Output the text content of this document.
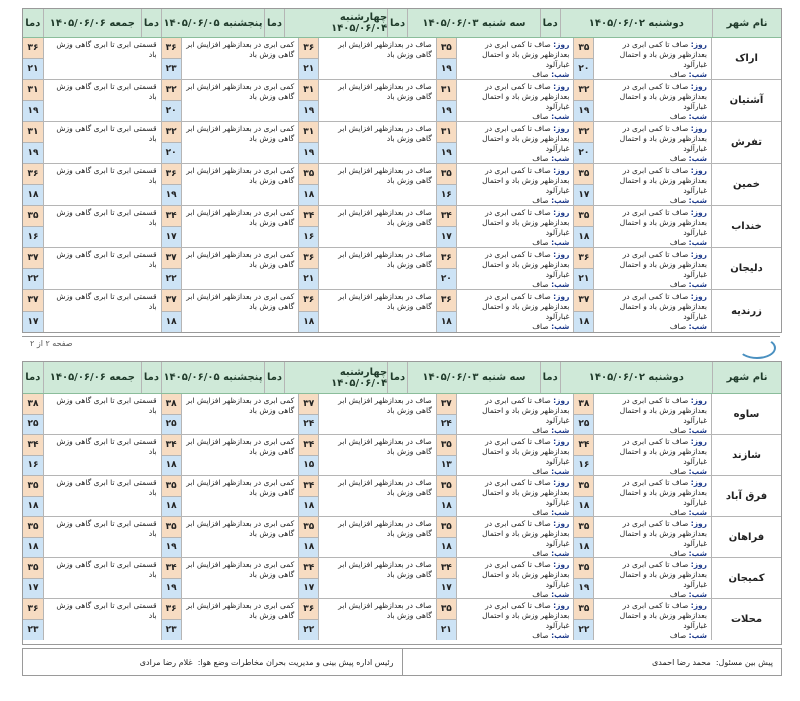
نام شهر
دوشنبه ۱۴۰۵/۰۶/۰۲
دما
سه شنبه ۱۴۰۵/۰۶/۰۳
دما
چهارشنبه ۱۴۰۵/۰۶/۰۴
دما
پنجشنبه ۱۴۰۵/۰۶/۰۵
دما
جمعه ۱۴۰۵/۰۶/۰۶
دما
اراک
روز: صاف تا کمی ابری در بعدازظهر وزش باد و احتمال غبارآلود
شب: صاف
۳۵
۲۰
روز: صاف تا کمی ابری در بعدازظهر وزش باد و احتمال غبارآلود
شب: صاف
۳۵
۱۹
صاف در بعدازظهر افزایش ابر گاهی وزش باد
۳۶
۲۱
کمی ابری در بعدازظهر افزایش ابر گاهی وزش باد
۳۶
۲۳
قسمتی ابری تا ابری گاهی وزش باد
۳۶
۲۱
آشتیان
روز: صاف تا کمی ابری در بعدازظهر وزش باد و احتمال غبارآلود
شب: صاف
۳۲
۱۹
روز: صاف تا کمی ابری در بعدازظهر وزش باد و احتمال غبارآلود
شب: صاف
۳۱
۱۹
صاف در بعدازظهر افزایش ابر گاهی وزش باد
۳۱
۱۹
کمی ابری در بعدازظهر افزایش ابر گاهی وزش باد
۳۲
۲۰
قسمتی ابری تا ابری گاهی وزش باد
۳۱
۱۹
تفرش
روز: صاف تا کمی ابری در بعدازظهر وزش باد و احتمال غبارآلود
شب: صاف
۳۲
۲۰
روز: صاف تا کمی ابری در بعدازظهر وزش باد و احتمال غبارآلود
شب: صاف
۳۱
۱۹
صاف در بعدازظهر افزایش ابر گاهی وزش باد
۳۱
۱۹
کمی ابری در بعدازظهر افزایش ابر گاهی وزش باد
۳۲
۲۰
قسمتی ابری تا ابری گاهی وزش باد
۳۱
۱۹
خمین
روز: صاف تا کمی ابری در بعدازظهر وزش باد و احتمال غبارآلود
شب: صاف
۳۵
۱۷
روز: صاف تا کمی ابری در بعدازظهر وزش باد و احتمال غبارآلود
شب: صاف
۳۵
۱۶
صاف در بعدازظهر افزایش ابر گاهی وزش باد
۳۵
۱۸
کمی ابری در بعدازظهر افزایش ابر گاهی وزش باد
۳۶
۱۹
قسمتی ابری تا ابری گاهی وزش باد
۳۶
۱۸
خنداب
روز: صاف تا کمی ابری در بعدازظهر وزش باد و احتمال غبارآلود
شب: صاف
۳۵
۱۸
روز: صاف تا کمی ابری در بعدازظهر وزش باد و احتمال غبارآلود
شب: صاف
۳۴
۱۷
صاف در بعدازظهر افزایش ابر گاهی وزش باد
۳۴
۱۶
کمی ابری در بعدازظهر افزایش ابر گاهی وزش باد
۳۴
۱۷
قسمتی ابری تا ابری گاهی وزش باد
۳۵
۱۶
دلیجان
روز: صاف تا کمی ابری در بعدازظهر وزش باد و احتمال غبارآلود
شب: صاف
۳۶
۲۱
روز: صاف تا کمی ابری در بعدازظهر وزش باد و احتمال غبارآلود
شب: صاف
۳۶
۲۰
صاف در بعدازظهر افزایش ابر گاهی وزش باد
۳۶
۲۱
کمی ابری در بعدازظهر افزایش ابر گاهی وزش باد
۳۷
۲۲
قسمتی ابری تا ابری گاهی وزش باد
۳۷
۲۲
زرندیه
روز: صاف تا کمی ابری در بعدازظهر وزش باد و احتمال غبارآلود
شب: صاف
۳۷
۱۸
روز: صاف تا کمی ابری در بعدازظهر وزش باد و احتمال غبارآلود
شب: صاف
۳۶
۱۸
صاف در بعدازظهر افزایش ابر گاهی وزش باد
۳۶
۱۸
کمی ابری در بعدازظهر افزایش ابر گاهی وزش باد
۳۷
۱۸
قسمتی ابری تا ابری گاهی وزش باد
۳۷
۱۷
صفحه ۲ از ۲
نام شهر
دوشنبه ۱۴۰۵/۰۶/۰۲
دما
سه شنبه ۱۴۰۵/۰۶/۰۳
دما
چهارشنبه ۱۴۰۵/۰۶/۰۴
دما
پنجشنبه ۱۴۰۵/۰۶/۰۵
دما
جمعه ۱۴۰۵/۰۶/۰۶
دما
ساوه
روز: صاف تا کمی ابری در بعدازظهر وزش باد و احتمال غبارآلود
شب: صاف
۳۸
۲۵
روز: صاف تا کمی ابری در بعدازظهر وزش باد و احتمال غبارآلود
شب: صاف
۳۷
۲۴
صاف در بعدازظهر افزایش ابر گاهی وزش باد
۳۷
۲۴
کمی ابری در بعدازظهر افزایش ابر گاهی وزش باد
۳۸
۲۵
قسمتی ابری تا ابری گاهی وزش باد
۳۸
۲۵
شازند
روز: صاف تا کمی ابری در بعدازظهر وزش باد و احتمال غبارآلود
شب: صاف
۳۴
۱۶
روز: صاف تا کمی ابری در بعدازظهر وزش باد و احتمال غبارآلود
شب: صاف
۳۵
۱۳
صاف در بعدازظهر افزایش ابر گاهی وزش باد
۳۴
۱۵
کمی ابری در بعدازظهر افزایش ابر گاهی وزش باد
۳۴
۱۸
قسمتی ابری تا ابری گاهی وزش باد
۳۴
۱۶
فرق آباد
روز: صاف تا کمی ابری در بعدازظهر وزش باد و احتمال غبارآلود
شب: صاف
۳۵
۱۸
روز: صاف تا کمی ابری در بعدازظهر وزش باد و احتمال غبارآلود
شب: صاف
۳۵
۱۸
صاف در بعدازظهر افزایش ابر گاهی وزش باد
۳۴
۱۸
کمی ابری در بعدازظهر افزایش ابر گاهی وزش باد
۳۵
۱۸
قسمتی ابری تا ابری گاهی وزش باد
۳۵
۱۸
فراهان
روز: صاف تا کمی ابری در بعدازظهر وزش باد و احتمال غبارآلود
شب: صاف
۳۵
۱۸
روز: صاف تا کمی ابری در بعدازظهر وزش باد و احتمال غبارآلود
شب: صاف
۳۵
۱۸
صاف در بعدازظهر افزایش ابر گاهی وزش باد
۳۵
۱۸
کمی ابری در بعدازظهر افزایش ابر گاهی وزش باد
۳۵
۱۹
قسمتی ابری تا ابری گاهی وزش باد
۳۵
۱۸
کمیجان
روز: صاف تا کمی ابری در بعدازظهر وزش باد و احتمال غبارآلود
شب: صاف
۳۵
۱۹
روز: صاف تا کمی ابری در بعدازظهر وزش باد و احتمال غبارآلود
شب: صاف
۳۴
۱۷
صاف در بعدازظهر افزایش ابر گاهی وزش باد
۳۴
۱۷
کمی ابری در بعدازظهر افزایش ابر گاهی وزش باد
۳۴
۱۹
قسمتی ابری تا ابری گاهی وزش باد
۳۵
۱۷
محلات
روز: صاف تا کمی ابری در بعدازظهر وزش باد و احتمال غبارآلود
شب: صاف
۳۵
۲۲
روز: صاف تا کمی ابری در بعدازظهر وزش باد و احتمال غبارآلود
شب: صاف
۳۵
۲۱
صاف در بعدازظهر افزایش ابر گاهی وزش باد
۳۶
۲۲
کمی ابری در بعدازظهر افزایش ابر گاهی وزش باد
۳۶
۲۳
قسمتی ابری تا ابری گاهی وزش باد
۳۶
۲۳
پیش بین مسئول:

محمد رضا احمدی
رئیس اداره پیش بینی و مدیریت بحران مخاطرات وضع هوا:

غلام رضا مرادی
